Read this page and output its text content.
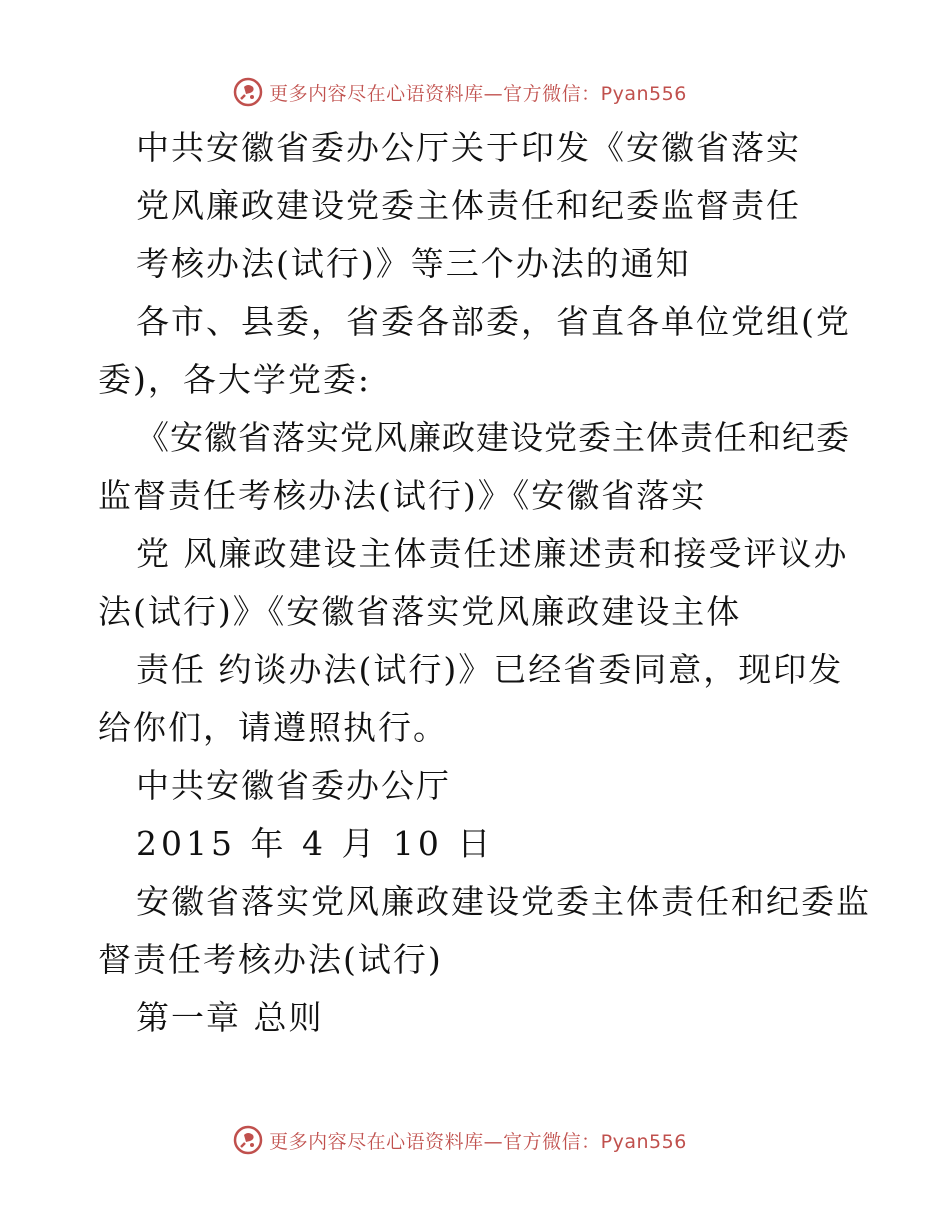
更多内容尽在心语资料库—官方微信：Pyan556
中共安徽省委办公厅关于印发《安徽省落实
党风廉政建设党委主体责任和纪委监督责任
考核办法(试行)》等三个办法的通知
各市、县委，省委各部委，省直各单位党组(党
委)，各大学党委:
《安徽省落实党风廉政建设党委主体责任和纪委
监督责任考核办法(试行)》《安徽省落实
党 风廉政建设主体责任述廉述责和接受评议办
法(试行)》《安徽省落实党风廉政建设主体
责任 约谈办法(试行)》已经省委同意，现印发
给你们，请遵照执行。
中共安徽省委办公厅
2015 年 4 月 10 日
安徽省落实党风廉政建设党委主体责任和纪委监
督责任考核办法(试行)
第一章 总则
更多内容尽在心语资料库—官方微信：Pyan556
